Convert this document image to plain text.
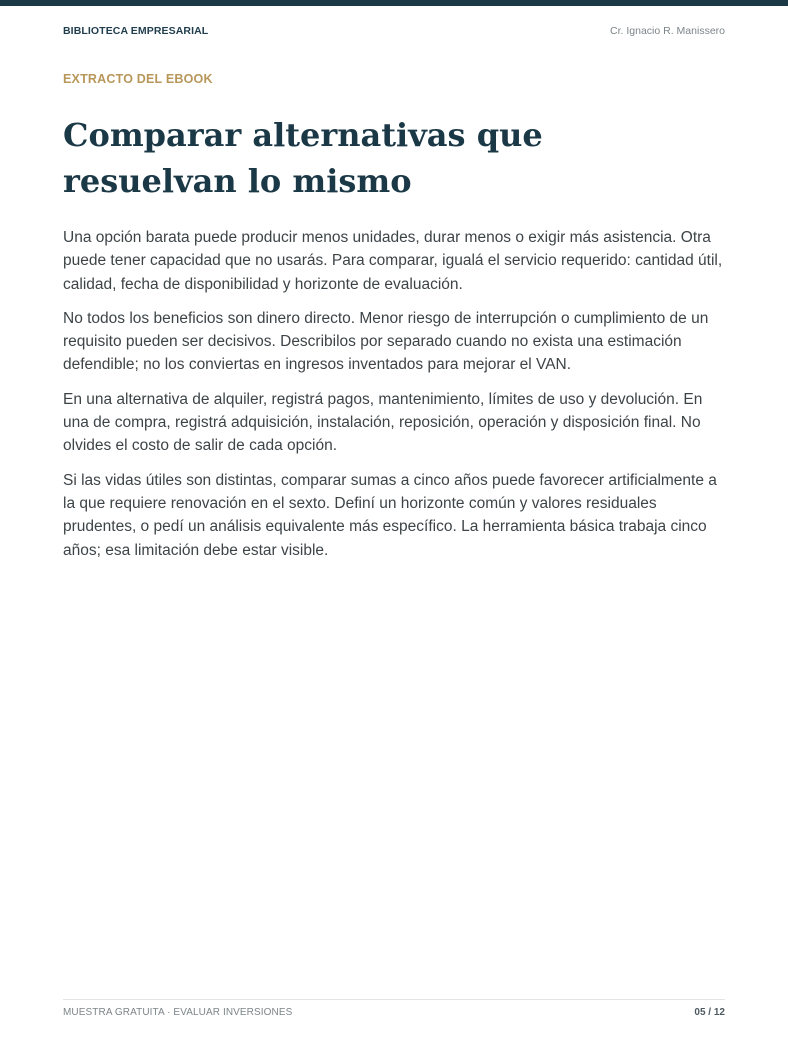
BIBLIOTECA EMPRESARIAL	Cr. Ignacio R. Manissero
EXTRACTO DEL EBOOK
Comparar alternativas que resuelvan lo mismo

Una opción barata puede producir menos unidades, durar menos o exigir más asistencia. Otra puede tener capacidad que no usarás. Para comparar, igualá el servicio requerido: cantidad útil, calidad, fecha de disponibilidad y horizonte de evaluación.

No todos los beneficios son dinero directo. Menor riesgo de interrupción o cumplimiento de un requisito pueden ser decisivos. Describilos por separado cuando no exista una estimación defendible; no los conviertas en ingresos inventados para mejorar el VAN.

En una alternativa de alquiler, registrá pagos, mantenimiento, límites de uso y devolución. En una de compra, registrá adquisición, instalación, reposición, operación y disposición final. No olvides el costo de salir de cada opción.

Si las vidas útiles son distintas, comparar sumas a cinco años puede favorecer artificialmente a la que requiere renovación en el sexto. Definí un horizonte común y valores residuales prudentes, o pedí un análisis equivalente más específico. La herramienta básica trabaja cinco años; esa limitación debe estar visible.

MUESTRA GRATUITA · EVALUAR INVERSIONES	05 / 12
